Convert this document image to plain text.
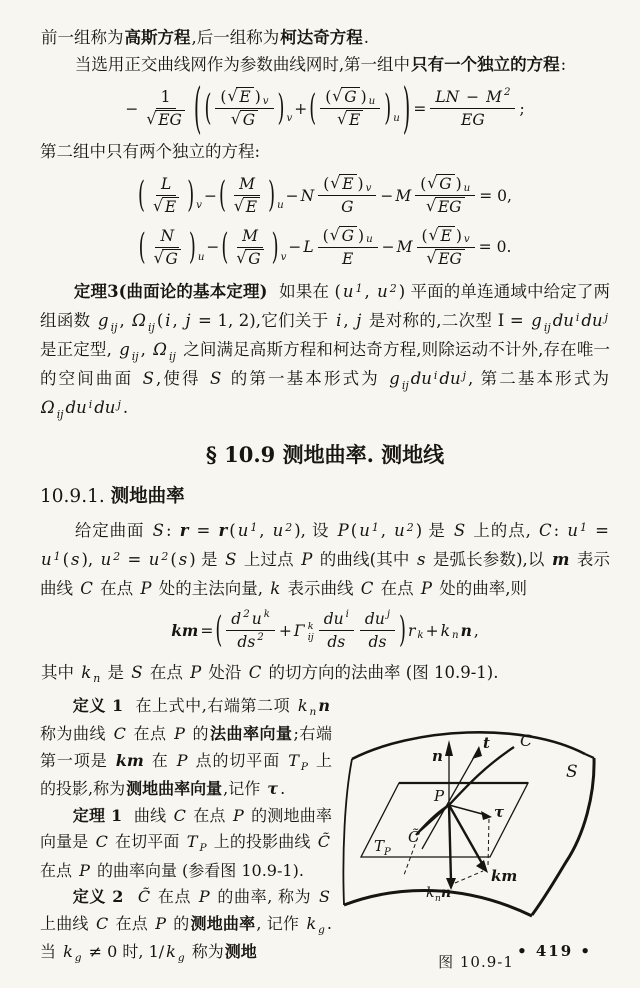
前一组称为高斯方程,后一组称为柯达奇方程.

当选用正交曲线网作为参数曲线网时,第一组中只有一个独立的方程:

− $\frac{1}{√ EG}$ ( ( ( √ E ) v
√ G ) v
+ ( ( √ G ) u
√ E ) u ) = $\frac{LN - M 2}{EG}$ ;

第二组中只有两个独立的方程:

( L
√ E ) v
− ( M
√ E ) u
− N
( √ E ) v
G
− M $\frac{( √ G ) u}{√ EG} = 0$,
( N
√ G ) u
− ( M
√ G ) v
− L
( √ G ) u
E
− M $\frac{( √ E ) v}{√ EG} = 0$.

定理3(曲面论的基本定理)  如果在 ( u $^1$ , u $^2$ ) 平面的单连通域中给定了两组函数 g $_{ij}$ , Ω $_{ij}$ ( i , j = 1, 2),它们关于 i , j 是对称的,二次型 I = g $_{ij}$ du $^i$ du $^j$ 是正定型, g $_{ij}$ , Ω $_{ij}$ 之间满足高斯方程和柯达奇方程,则除运动不计外,存在唯一的空间曲面 S ,使得 S 的第一基本形式为 g $_{ij}$ du $^i$ du $^j$ , 第二基本形式为 Ω $_{ij}$ du $^i$ du $^j$ .

§ 10.9 测地曲率. 测地线
10.9.1. 测地曲率

给定曲面 S : r = r ( u $^1$ , u $^2$ ), 设 P ( u $^1$ , u $^2$ ) 是 S 上的点, C : u $^1$ = u $^1$ ( s ), u $^2$ = u $^2$ ( s ) 是 S 上过点 P 的曲线(其中 s 是弧长参数),以 m 表示曲线 C 在点 P 处的主法向量, k 表示曲线 C 在点 P 处的曲率,则

km = ( d 2 u k
ds 2 + Γ k
ij
du i
ds
du j
ds ) r k + k n n ,

其中 k $_n$ 是 S 在点 P 处沿 C 的切方向的法曲率 (图 10.9-1).

n
t C
S
P
τ
C̃
T P
k n n
km
图 10.9-1

定义 1  在上式中,右端第二项 k $_n$ n 称为曲线 C 在点 P 的法曲率向量;右端第一项是 km 在 P 点的切平面 T $_P$ 上的投影,称为测地曲率向量,记作 τ .

定理 1  曲线 C 在点 P 的测地曲率向量是 C 在切平面 T $_P$ 上的投影曲线 C̃ 在点 P 的曲率向量 (参看图 10.9-1).

定义 2 C̃ 在点 P 的曲率, 称为 S 上曲线 C 在点 P 的测地曲率, 记作 k $_g$ . 当 k $_g$ ≠ 0 时, 1/ k $_g$ 称为测地	• 419 •
